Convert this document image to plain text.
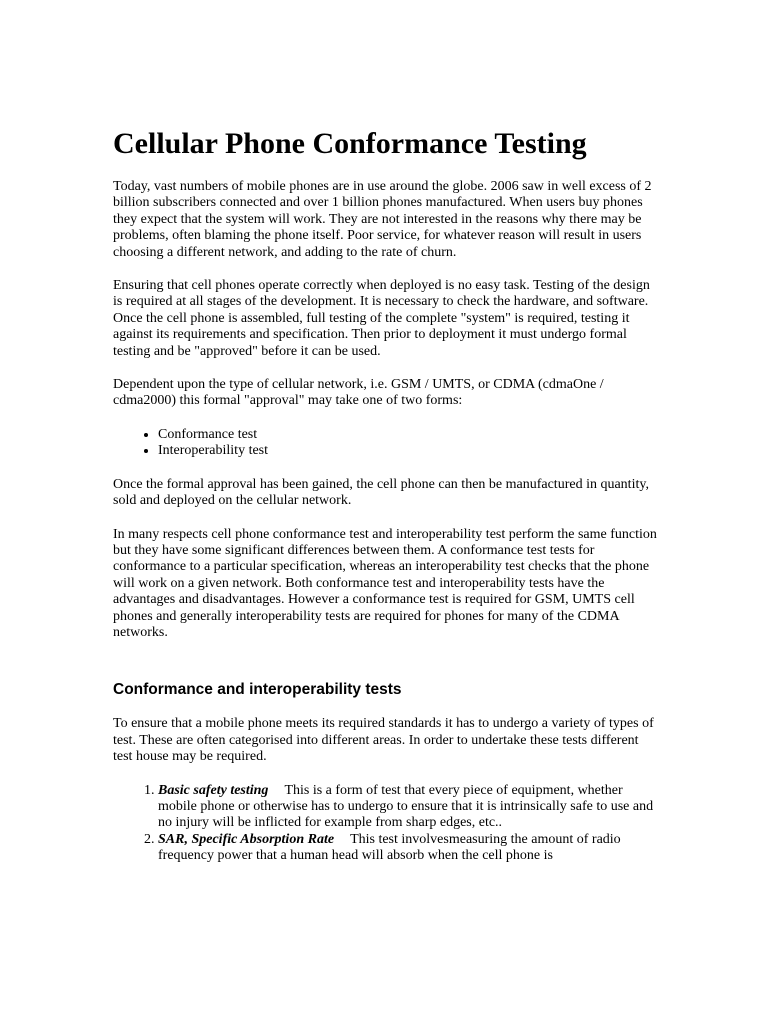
Cellular Phone Conformance Testing

Today, vast numbers of mobile phones are in use around the globe. 2006 saw in well excess of 2 billion subscribers connected and over 1 billion phones manufactured. When users buy phones they expect that the system will work. They are not interested in the reasons why there may be problems, often blaming the phone itself. Poor service, for whatever reason will result in users choosing a different network, and adding to the rate of churn.

Ensuring that cell phones operate correctly when deployed is no easy task. Testing of the design is required at all stages of the development. It is necessary to check the hardware, and software. Once the cell phone is assembled, full testing of the complete "system" is required, testing it against its requirements and specification. Then prior to deployment it must undergo formal testing and be "approved" before it can be used.

Dependent upon the type of cellular network, i.e. GSM / UMTS, or CDMA (cdmaOne / cdma2000) this formal "approval" may take one of two forms:

• Conformance test
• Interoperability test

Once the formal approval has been gained, the cell phone can then be manufactured in quantity, sold and deployed on the cellular network.

In many respects cell phone conformance test and interoperability test perform the same function but they have some significant differences between them. A conformance test tests for conformance to a particular specification, whereas an interoperability test checks that the phone will work on a given network. Both conformance test and interoperability tests have the advantages and disadvantages. However a conformance test is required for GSM, UMTS cell phones and generally interoperability tests are required for phones for many of the CDMA networks.

Conformance and interoperability tests

To ensure that a mobile phone meets its required standards it has to undergo a variety of types of test. These are often categorised into different areas. In order to undertake these tests different test house may be required.

1. Basic safety testing This is a form of test that every piece of equipment, whether mobile phone or otherwise has to undergo to ensure that it is intrinsically safe to use and no injury will be inflicted for example from sharp edges, etc..
2. SAR, Specific Absorption Rate This test involvesmeasuring the amount of radio frequency power that a human head will absorb when the cell phone is
